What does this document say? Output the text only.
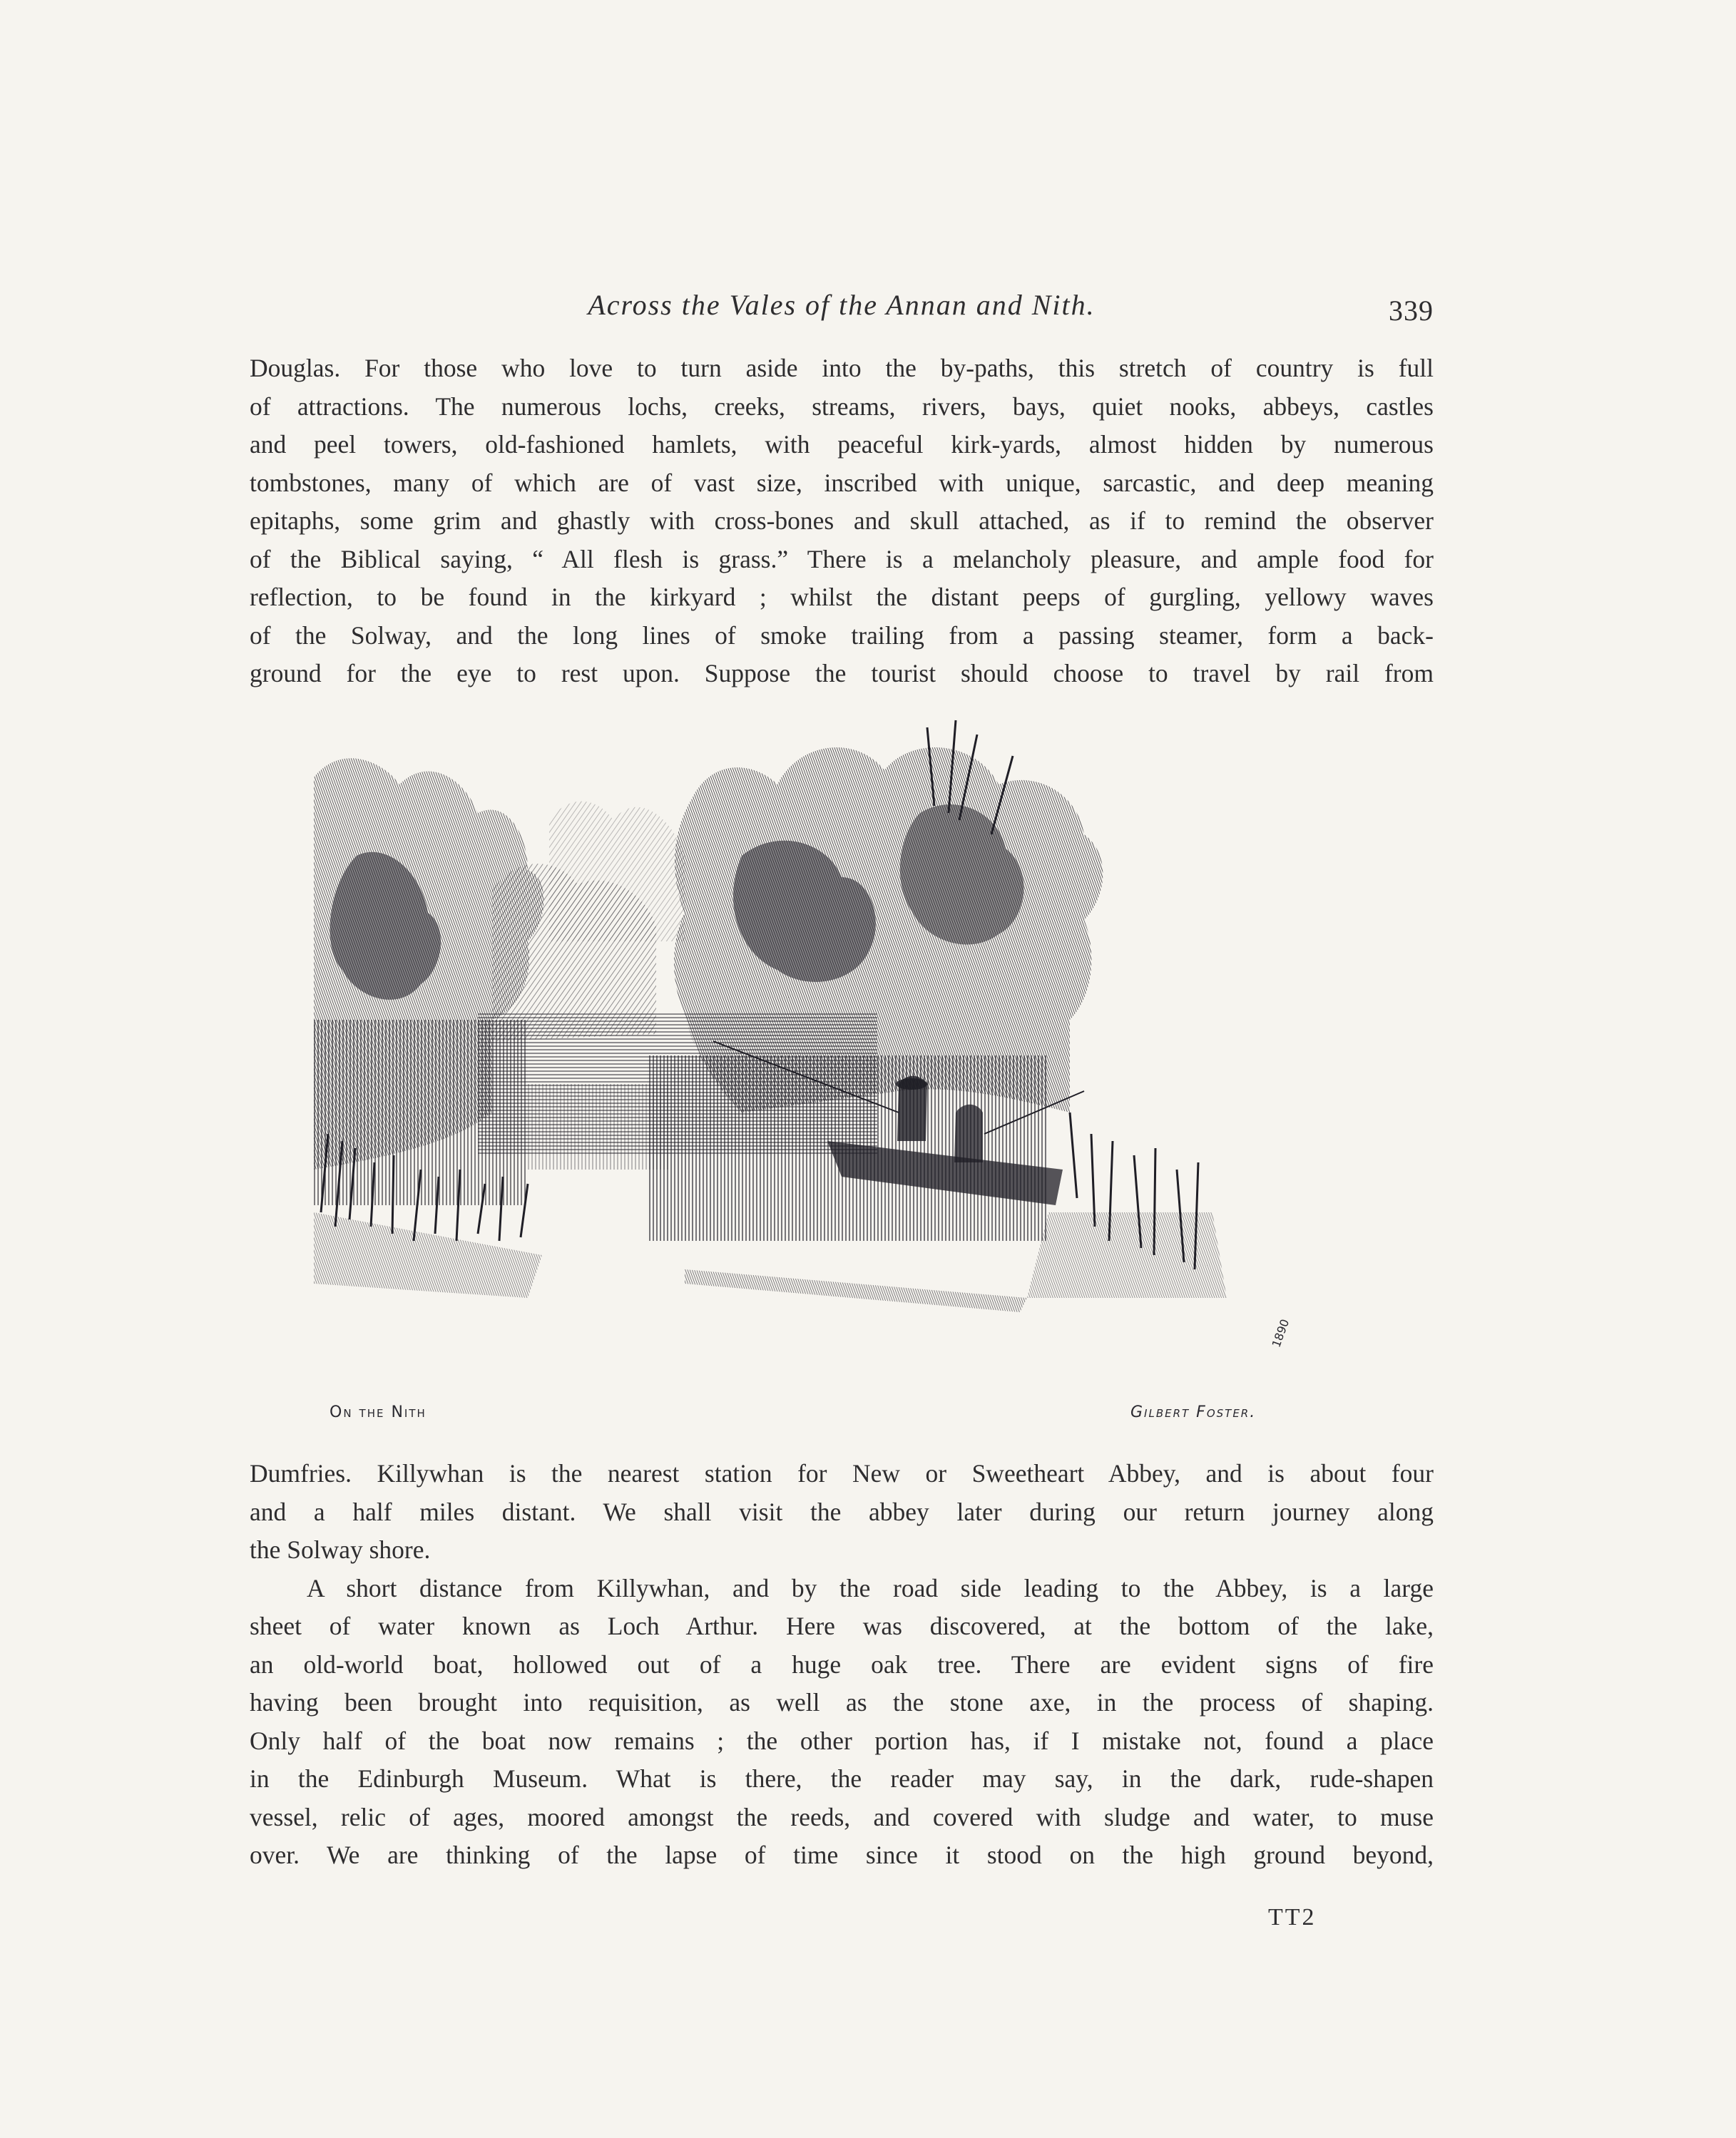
Across the Vales of the Annan and Nith.	339
Douglas. For those who love to turn aside into the by-paths, this stretch of country is full
of attractions. The numerous lochs, creeks, streams, rivers, bays, quiet nooks, abbeys, castles
and peel towers, old-fashioned hamlets, with peaceful kirk-yards, almost hidden by numerous
tombstones, many of which are of vast size, inscribed with unique, sarcastic, and deep meaning
epitaphs, some grim and ghastly with cross-bones and skull attached, as if to remind the observer
of the Biblical saying, “ All flesh is grass.” There is a melancholy pleasure, and ample food for
reflection, to be found in the kirkyard ; whilst the distant peeps of gurgling, yellowy waves
of the Solway, and the long lines of smoke trailing from a passing steamer, form a back-
ground for the eye to rest upon. Suppose the tourist should choose to travel by rail from
On the Nith	Gilbert Foster.
1890
Dumfries. Killywhan is the nearest station for New or Sweetheart Abbey, and is about four
and a half miles distant. We shall visit the abbey later during our return journey along
the Solway shore.
A short distance from Killywhan, and by the road side leading to the Abbey, is a large
sheet of water known as Loch Arthur. Here was discovered, at the bottom of the lake,
an old-world boat, hollowed out of a huge oak tree. There are evident signs of fire
having been brought into requisition, as well as the stone axe, in the process of shaping.
Only half of the boat now remains ; the other portion has, if I mistake not, found a place
in the Edinburgh Museum. What is there, the reader may say, in the dark, rude-shapen
vessel, relic of ages, moored amongst the reeds, and covered with sludge and water, to muse
over. We are thinking of the lapse of time since it stood on the high ground beyond,
TT2
